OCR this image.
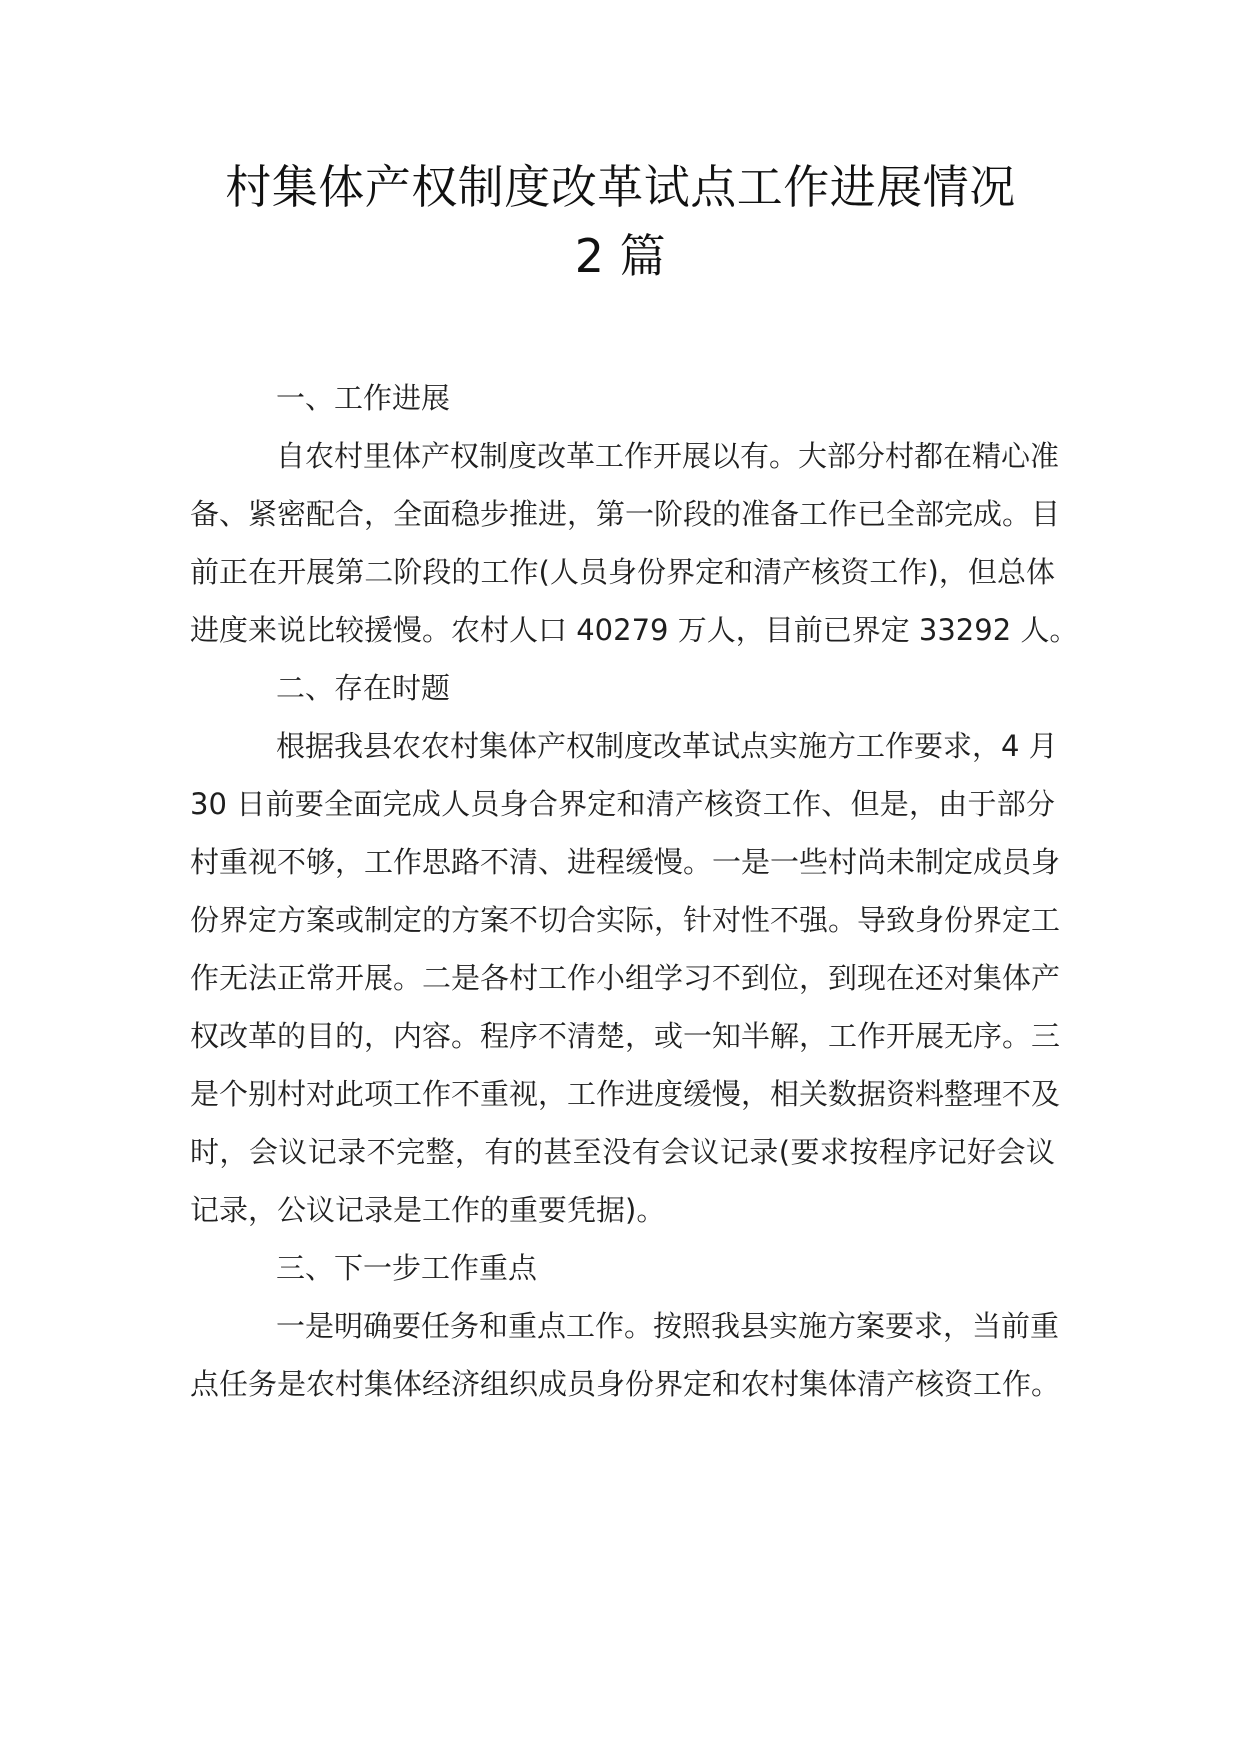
村集体产权制度改革试点工作进展情况
2 篇

一、工作进展

自农村里体产权制度改革工作开展以有。大部分村都在精心准

备、紧密配合，全面稳步推进，第一阶段的准备工作已全部完成。目

前正在开展第二阶段的工作(人员身份界定和清产核资工作)，但总体

进度来说比较援慢。农村人口 40279 万人，目前已界定 33292 人。

二、存在时题

根据我县农农村集体产权制度改革试点实施方工作要求，4 月

30 日前要全面完成人员身合界定和清产核资工作、但是，由于部分

村重视不够，工作思路不清、进程缓慢。一是一些村尚未制定成员身

份界定方案或制定的方案不切合实际，针对性不强。导致身份界定工

作无法正常开展。二是各村工作小组学习不到位，到现在还对集体产

权改革的目的，内容。程序不清楚，或一知半解，工作开展无序。三

是个别村对此项工作不重视，工作进度缓慢，相关数据资料整理不及

时，会议记录不完整，有的甚至没有会议记录(要求按程序记好会议

记录，公议记录是工作的重要凭据)。

三、下一步工作重点

一是明确要任务和重点工作。按照我县实施方案要求，当前重

点任务是农村集体经济组织成员身份界定和农村集体清产核资工作。
